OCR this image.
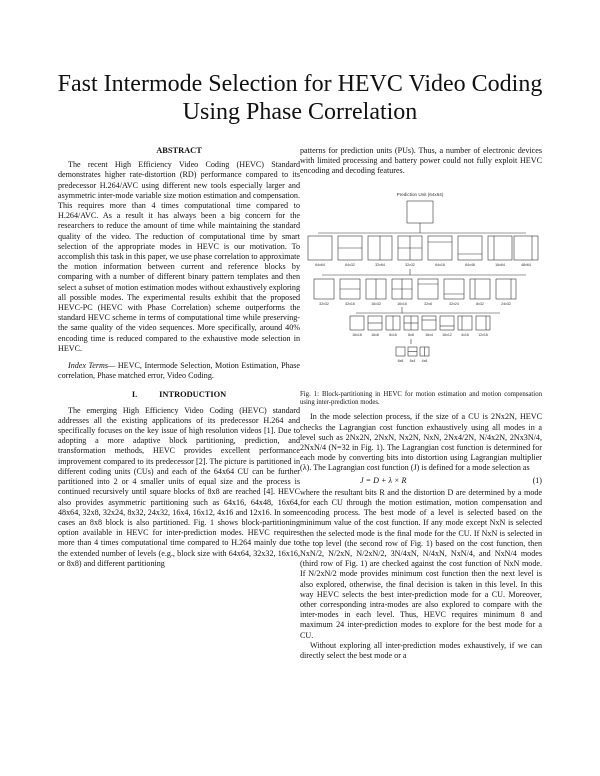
Fast Intermode Selection for HEVC Video Coding Using Phase Correlation
ABSTRACT

The recent High Efficiency Video Coding (HEVC) Standard demonstrates higher rate-distortion (RD) performance compared to its predecessor H.264/AVC using different new tools especially larger and asymmetric inter-mode variable size motion estimation and compensation. This requires more than 4 times computational time compared to H.264/AVC. As a result it has always been a big concern for the researchers to reduce the amount of time while maintaining the standard quality of the video. The reduction of computational time by smart selection of the appropriate modes in HEVC is our motivation. To accomplish this task in this paper, we use phase correlation to approximate the motion information between current and reference blocks by comparing with a number of different binary pattern templates and then select a subset of motion estimation modes without exhaustively exploring all possible modes. The experimental results exhibit that the proposed HEVC-PC (HEVC with Phase Correlation) scheme outperforms the standard HEVC scheme in terms of computational time while preserving-the same quality of the video sequences. More specifically, around 40% encoding time is reduced compared to the exhaustive mode selection in HEVC.

Index Terms— HEVC, Intermode Selection, Motion Estimation, Phase correlation, Phase matched error, Video Coding.

I.	INTRODUCTION

The emerging High Efficiency Video Coding (HEVC) standard addresses all the existing applications of its predecessor H.264 and specifically focuses on the key issue of high resolution videos [1]. Due to adopting a more adaptive block partitioning, prediction, and transformation methods, HEVC provides excellent performance improvement compared to its predecessor [2]. The picture is partitioned in different coding units (CUs) and each of the 64x64 CU can be further partitioned into 2 or 4 smaller units of equal size and the process is continued recursively until square blocks of 8x8 are reached [4]. HEVC also provides asymmetric partitioning such as 64x16, 64x48, 16x64, 48x64, 32x8, 32x24, 8x32, 24x32, 16x4, 16x12, 4x16 and 12x16. In some cases an 8x8 block is also partitioned. Fig. 1 shows block-partitioning option available in HEVC for inter-prediction modes. HEVC requires more than 4 times computational time compared to H.264 mainly due to the extended number of levels (e.g., block size with 64x64, 32x32, 16x16, or 8x8) and different partitioning

patterns for prediction units (PUs). Thus, a number of electronic devices with limited processing and battery power could not fully exploit HEVC encoding and decoding features.

Prediction Unit (64x64)
64x64	64x32	32x64	32x32	64x16	64x48	16x64	48x64
32x32	32x16	16x32	16x16	32x8	32x24	8x32	24x32
16x16	16x8	8x16	8x8	16x4	16x12	4x16	12x16
8x8 8x4 4x8

Fig. 1: Block-partitioning in HEVC for motion estimation and motion compensation using inter-prediction modes.

In the mode selection process, if the size of a CU is 2Nx2N, HEVC checks the Lagrangian cost function exhaustively using all modes in a level such as 2Nx2N, 2NxN, Nx2N, NxN, 2Nx4/2N, N/4x2N, 2Nx3N/4, 2NxN/4 (N=32 in Fig. 1). The Lagrangian cost function is determined for each mode by converting bits into distortion using Lagrangian multiplier (λ). The Lagrangian cost function (J) is defined for a mode selection as

J = D + λ × R	(1)

where the resultant bits R and the distortion D are determined by a mode for each CU through the motion estimation, motion compensation and encoding process. The best mode of a level is selected based on the minimum value of the cost function. If any mode except NxN is selected then the selected mode is the final mode for the CU. If NxN is selected in the top level (the second row of Fig. 1) based on the cost function, then NxN/2, N/2xN, N/2xN/2, 3N/4xN, N/4xN, NxN/4, and NxN/4 modes (third row of Fig. 1) are checked against the cost function of NxN mode. If N/2xN/2 mode provides minimum cost function then the next level is also explored, otherwise, the final decision is taken in this level. In this way HEVC selects the best inter-prediction mode for a CU. Moreover, other corresponding intra-modes are also explored to compare with the inter-modes in each level. Thus, HEVC requires minimum 8 and maximum 24 inter-prediction modes to explore for the best mode for a CU.

Without exploring all inter-prediction modes exhaustively, if we can directly select the best mode or a
